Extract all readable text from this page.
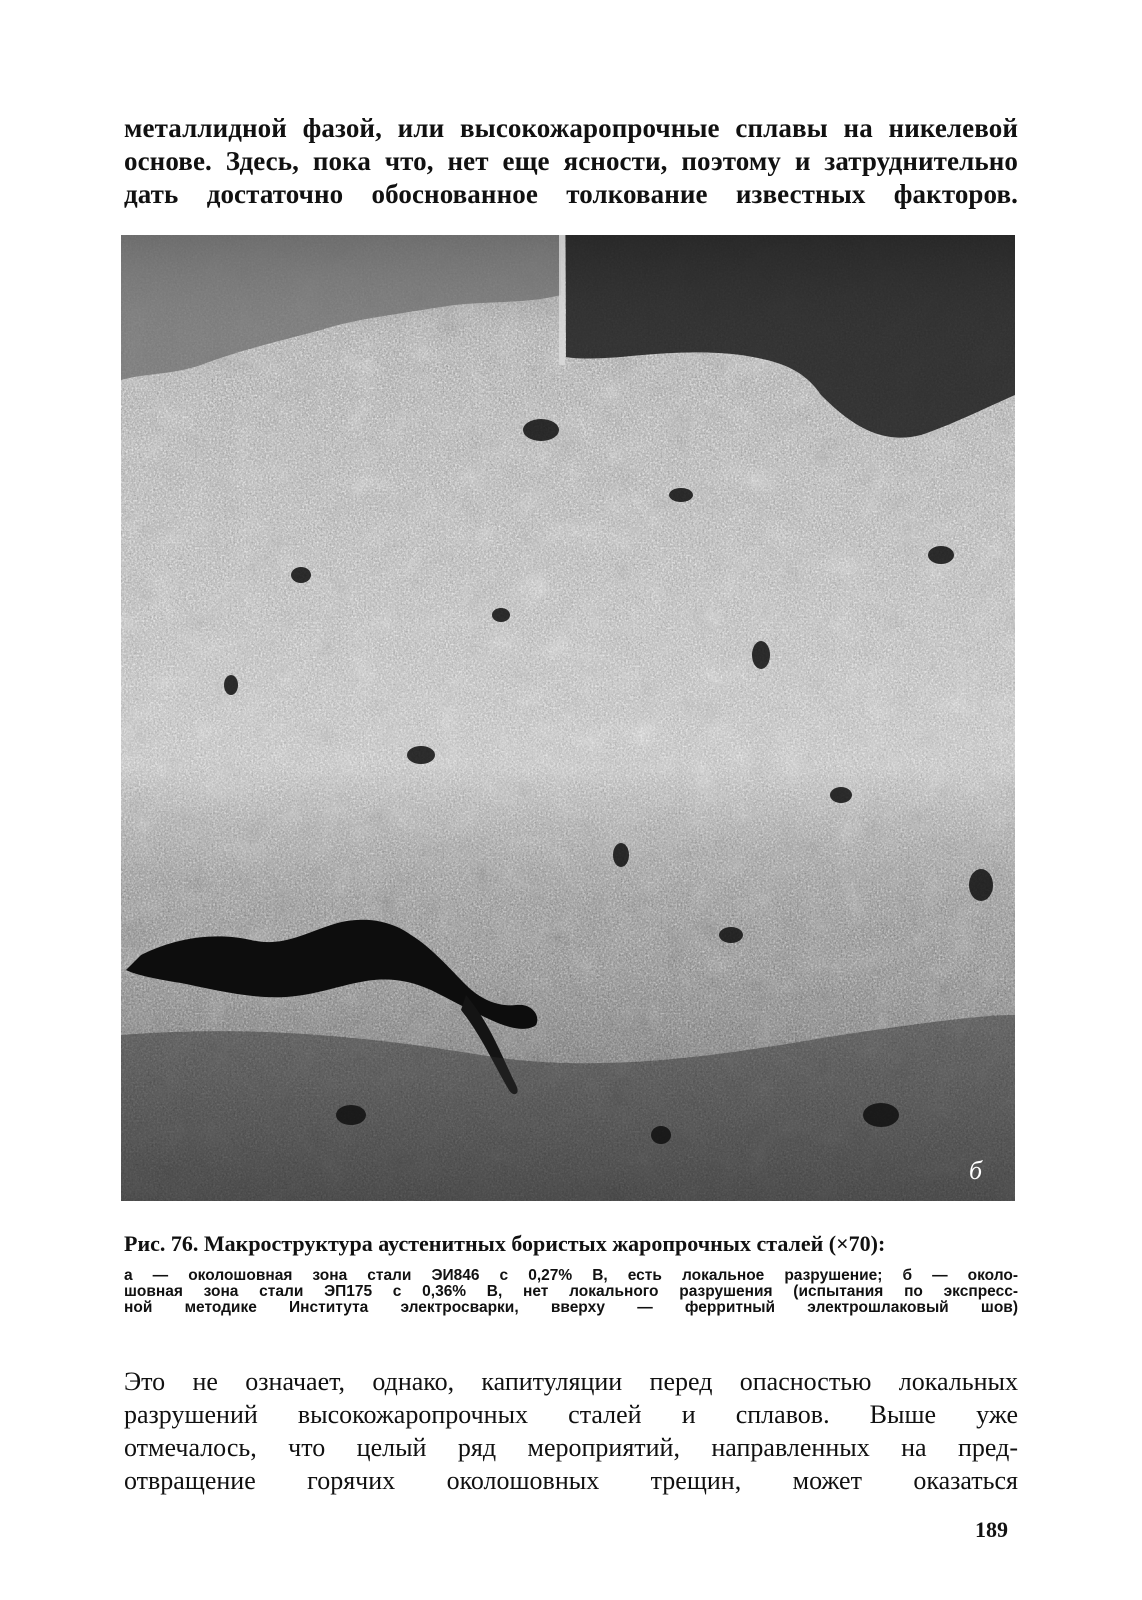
металлидной фазой, или высокожаропрочные сплавы на никелевой
основе. Здесь, пока что, нет еще ясности, поэтому и затруднительно
дать достаточно обоснованное толкование известных факторов.
б

Рис. 76. Макроструктура аустенитных бористых жаропрочных сталей (×70):

а — околошовная зона стали ЭИ846 с 0,27% В, есть локальное разрушение; б — около-
шовная зона стали ЭП175 с 0,36% В, нет локального разрушения (испытания по экспресс-
ной методике Института электросварки, вверху — ферритный электрошлаковый шов)
Это не означает, однако, капитуляции перед опасностью локальных
разрушений высокожаропрочных сталей и сплавов. Выше уже
отмечалось, что целый ряд мероприятий, направленных на пред-
отвращение горячих околошовных трещин, может оказаться

189
